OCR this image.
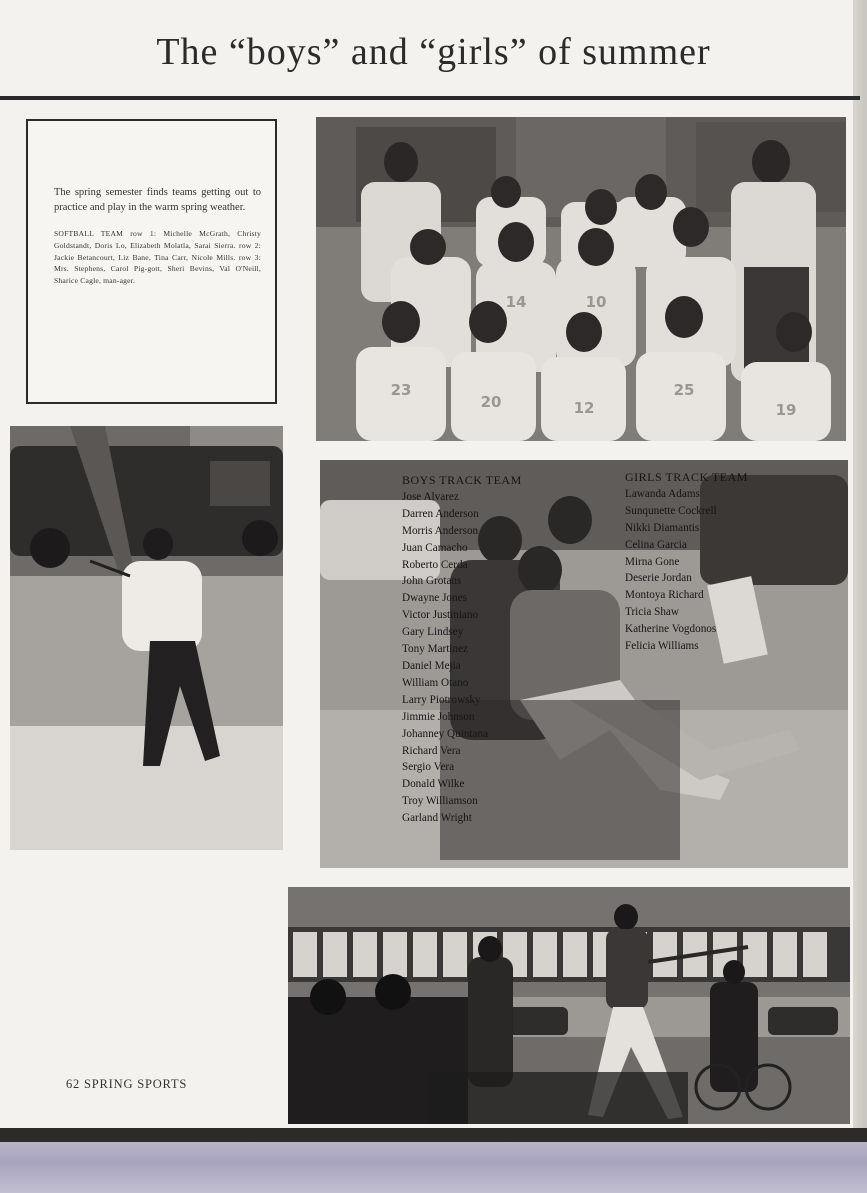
The “boys” and “girls” of summer

The spring semester finds teams getting out to practice and play in the warm spring weather.

SOFTBALL TEAM row 1: Michelle McGrath, Christy Goldstandt, Doris Lo, Elizabeth Molatla, Sarai Sierra. row 2: Jackie Betancourt, Liz Bane, Tina Carr, Nicole Mills. row 3: Mrs. Stephens, Carol Pig-gott, Sheri Bevins, Val O'Neill, Sharice Cagle, man-ager.

14	10
23
20	12
25
19
BOYS TRACK TEAM
Jose Alvarez
Darren Anderson
Morris Anderson
Juan Camacho
Roberto Cerda
John Grotans
Dwayne Jones
Victor Justiniano
Gary Lindsey
Tony Martinez
Daniel Mejia
William Otano
Larry Piotrowsky
Jimmie Johnson
Johanney Quintana
Richard Vera
Sergio Vera
Donald Wilke
Troy Williamson
Garland Wright
GIRLS TRACK TEAM
Lawanda Adams
Sunqunette Cockrell
Nikki Diamantis
Celina Garcia
Mirna Gone
Deserie Jordan
Montoya Richard
Tricia Shaw
Katherine Vogdonos
Felicia Williams
62 SPRING SPORTS
